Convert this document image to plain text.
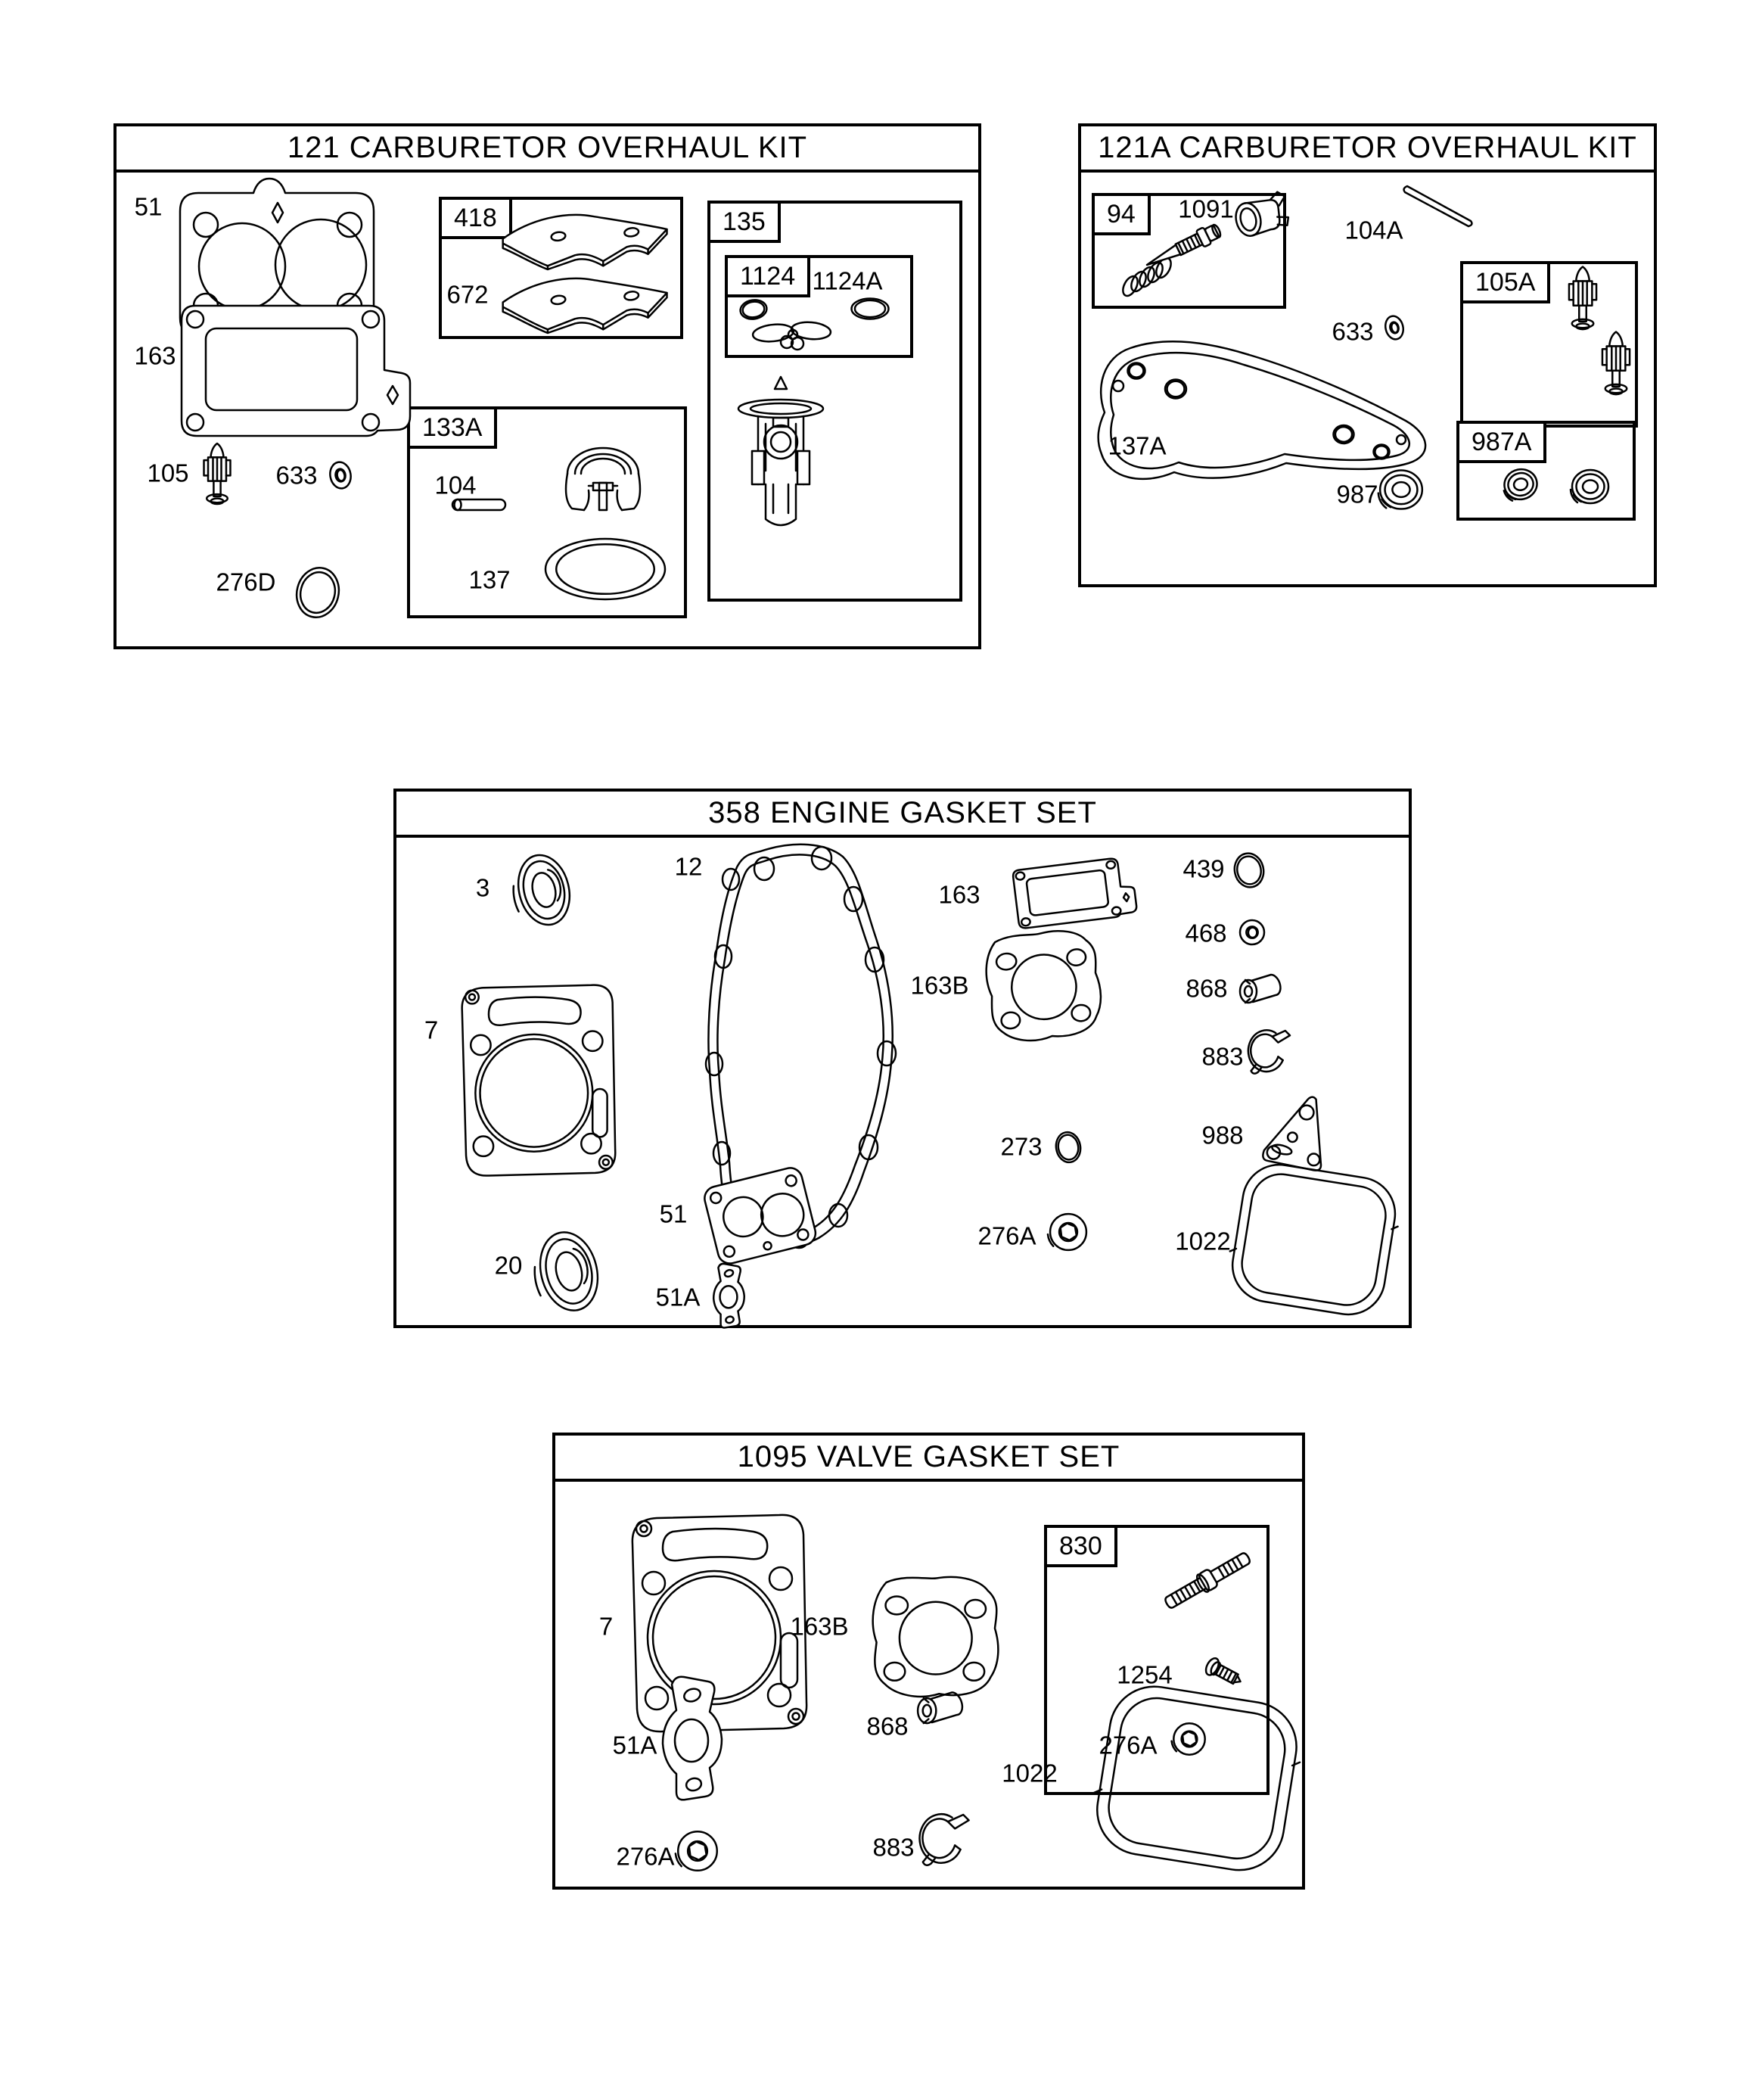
121 CARBURETOR OVERHAUL KIT
418	135
1124
133A
51
163
672	1124A
104
137
105	633
276D
121A CARBURETOR OVERHAUL KIT
94
105A
987A
1091
104A
633
137A
987
358 ENGINE GASKET SET
3
12
7
163
163B
439
468
868
883
988
273
276A
51
20
51A
1022
1095 VALVE GASKET SET
830
7	163B
1254
276A
51A
868
276A	883
1022
